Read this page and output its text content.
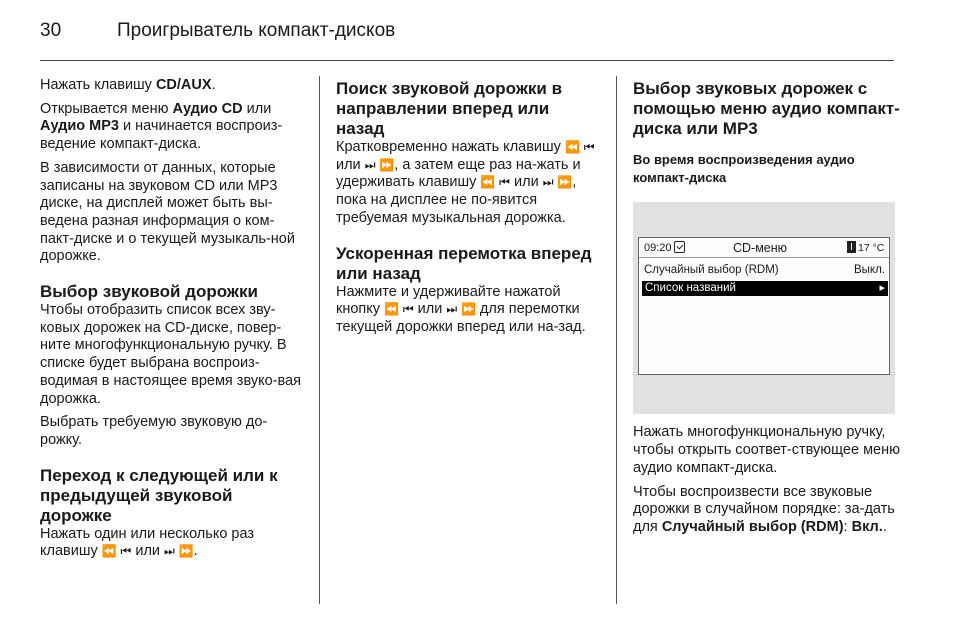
30	Проигрыватель компакт-дисков

Нажать клавишу CD/AUX.

Открывается меню Аудио CD или Аудио MP3 и начинается воспроиз-ведение компакт-диска.

В зависимости от данных, которые записаны на звуковом CD или MP3 диске, на дисплей может быть вы-ведена разная информация о ком-пакт-диске и о текущей музыкаль-ной дорожке.

Выбор звуковой дорожки

Чтобы отобразить список всех зву-ковых дорожек на CD-диске, повер-ните многофункциональную ручку. В списке будет выбрана воспроиз-водимая в настоящее время звуко-вая дорожка.

Выбрать требуемую звуковую до-рожку.

Переход к следующей или к предыдущей звуковой дорожке

Нажать один или несколько раз клавишу ⏪ ⏮ или ⏭ ⏩.

Поиск звуковой дорожки в направлении вперед или назад

Кратковременно нажать клавишу ⏪ ⏮ или ⏭ ⏩, а затем еще раз на-жать и удерживать клавишу ⏪ ⏮ или ⏭ ⏩, пока на дисплее не по-явится требуемая музыкальная дорожка.

Ускоренная перемотка вперед или назад

Нажмите и удерживайте нажатой кнопку ⏪ ⏮ или ⏭ ⏩ для перемотки текущей дорожки вперед или на-зад.

Выбор звуковых дорожек с помощью меню аудио компакт-диска или MP3
Во время воспроизведения аудио компакт-диска
09:20	CD-меню	17 °C
Случайный выбор (RDM)	Выкл.
Список названий	▸

Нажать многофункциональную ручку, чтобы открыть соответ-ствующее меню аудио компакт-диска.

Чтобы воспроизвести все звуковые дорожки в случайном порядке: за-дать для Случайный выбор (RDM): Вкл..
